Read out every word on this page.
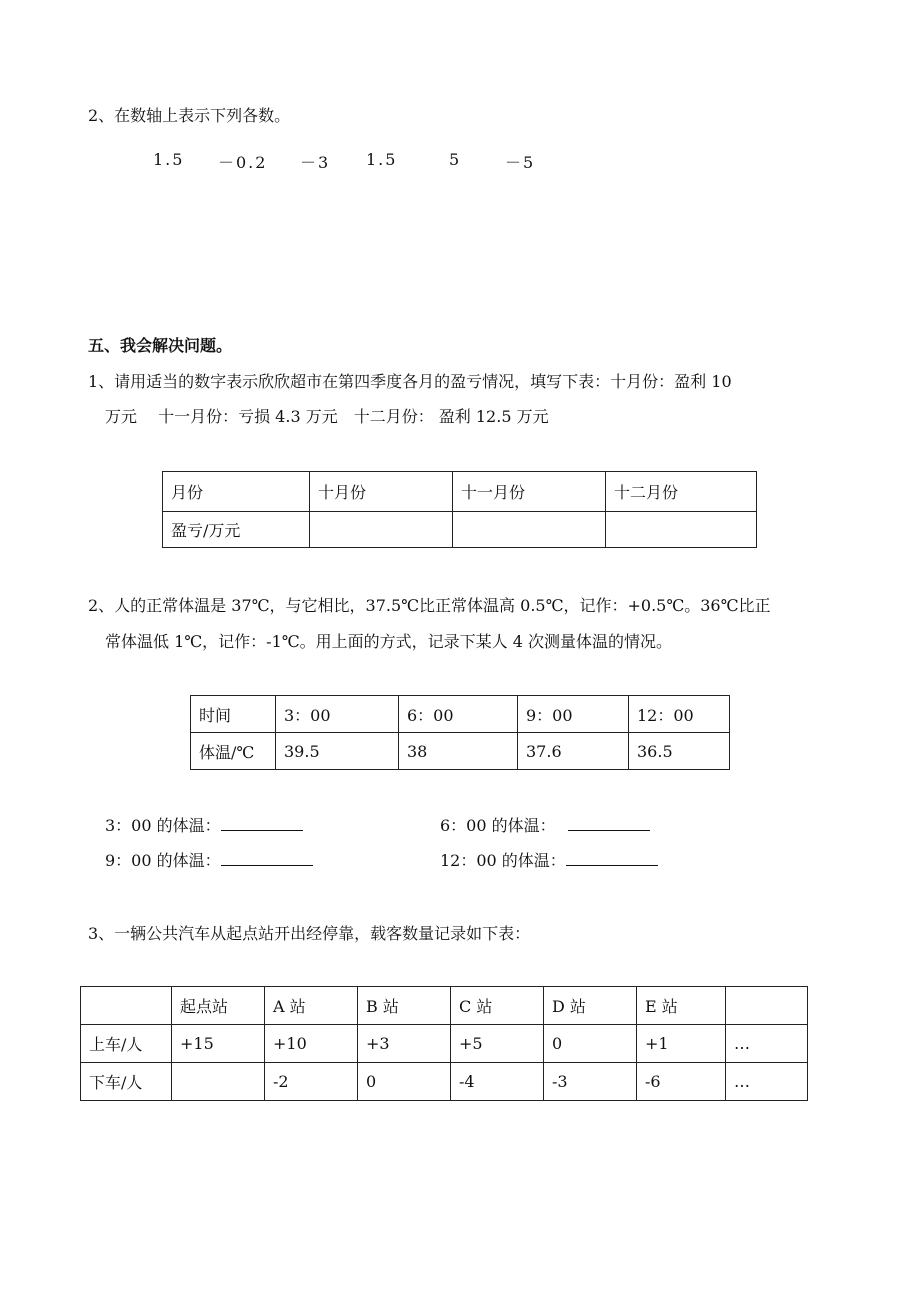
2、在数轴上表示下列各数。
1.5 －0.2 －3 1.5	5	－5
五、我会解决问题。
1、请用适当的数字表示欣欣超市在第四季度各月的盈亏情况，填写下表：十月份：盈利 10
万元　 十一月份：亏损 4.3 万元　十二月份： 盈利 12.5 万元
月份	十月份	十一月份	十二月份
盈亏/万元			
2、人的正常体温是 37℃，与它相比，37.5℃比正常体温高 0.5℃，记作：+0.5℃。36℃比正
常体温低 1℃，记作：-1℃。用上面的方式，记录下某人 4 次测量体温的情况。
时间	3：00	6：00	9：00	12：00
体温/℃	39.5	38	37.6	36.5
3：00 的体温：	6：00 的体温：
9：00 的体温：	12：00 的体温：
3、一辆公共汽车从起点站开出经停靠，载客数量记录如下表：
	起点站	A 站	B 站	C 站	D 站	E 站	
上车/人	+15	+10	+3	+5	0	+1	…
下车/人		-2	0	-4	-3	-6	…
